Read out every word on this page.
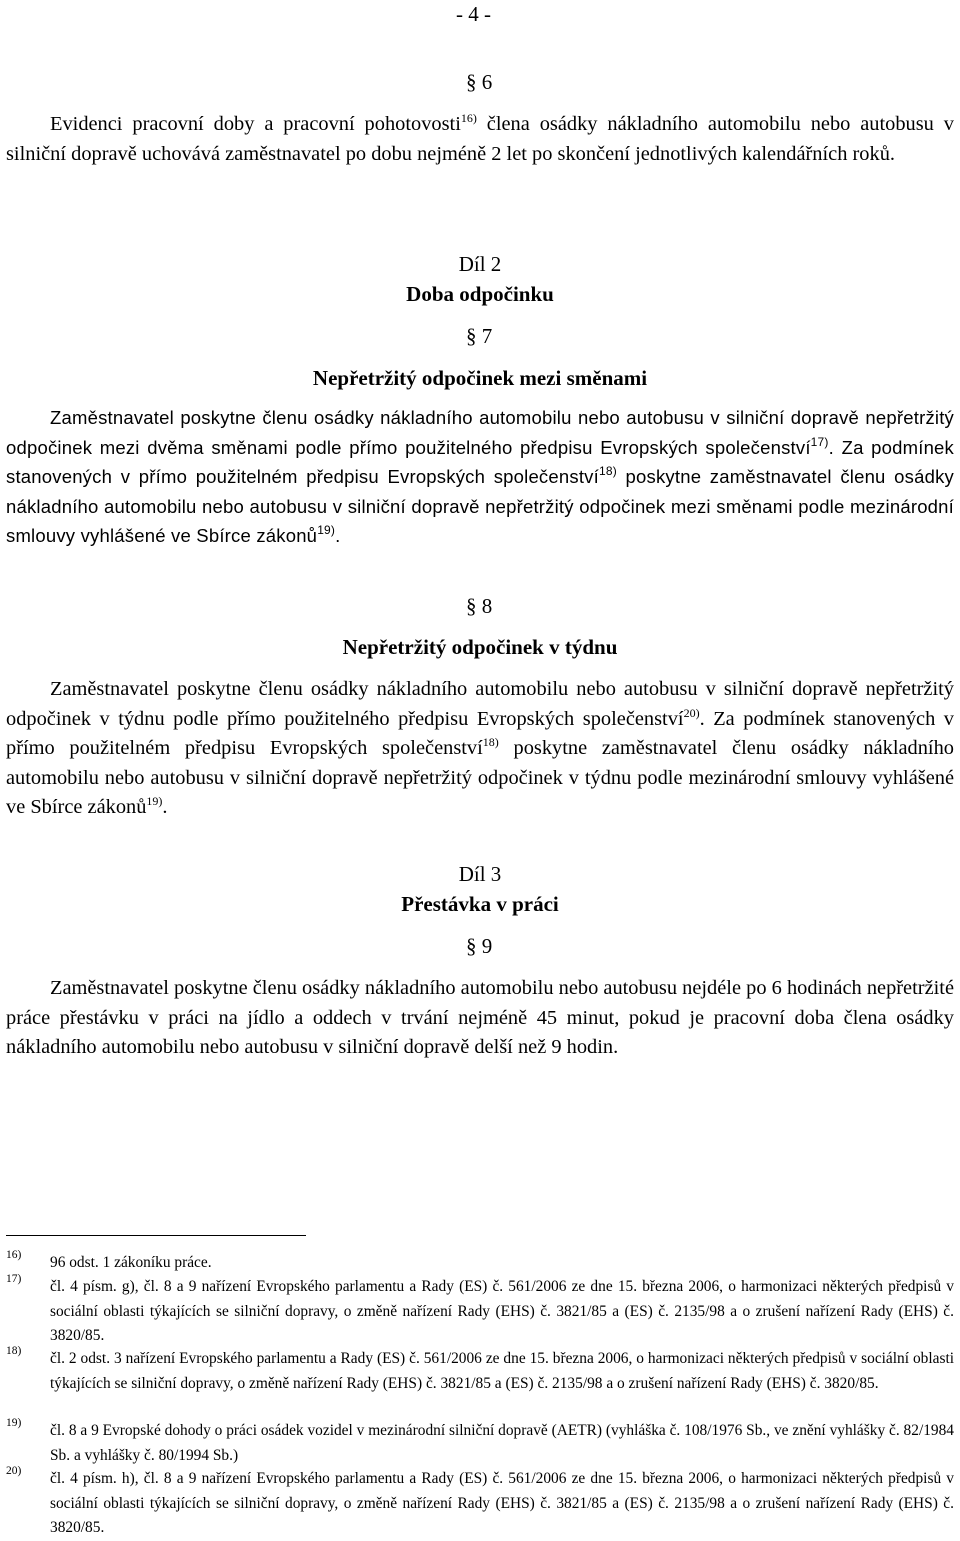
- 4 -
§ 6

Evidenci pracovní doby a pracovní pohotovosti$^{16)}$ člena osádky nákladního automobilu nebo autobusu v silniční dopravě uchovává zaměstnavatel po dobu nejméně 2 let po skončení jednotlivých kalendářních roků.

Díl 2
Doba odpočinku
§ 7
Nepřetržitý odpočinek mezi směnami

Zaměstnavatel poskytne členu osádky nákladního automobilu nebo autobusu v silniční dopravě nepřetržitý odpočinek mezi dvěma směnami podle přímo použitelného předpisu Evropských společenství$^{17)}$. Za podmínek stanovených v přímo použitelném předpisu Evropských společenství$^{18)}$ poskytne zaměstnavatel členu osádky nákladního automobilu nebo autobusu v silniční dopravě nepřetržitý odpočinek mezi směnami podle mezinárodní smlouvy vyhlášené ve Sbírce zákonů$^{19)}$.

§ 8
Nepřetržitý odpočinek v týdnu

Zaměstnavatel poskytne členu osádky nákladního automobilu nebo autobusu v silniční dopravě nepřetržitý odpočinek v týdnu podle přímo použitelného předpisu Evropských společenství$^{20)}$. Za podmínek stanovených v přímo použitelném předpisu Evropských společenství$^{18)}$ poskytne zaměstnavatel členu osádky nákladního automobilu nebo autobusu v silniční dopravě nepřetržitý odpočinek v týdnu podle mezinárodní smlouvy vyhlášené ve Sbírce zákonů$^{19)}$.

Díl 3
Přestávka v práci
§ 9

Zaměstnavatel poskytne členu osádky nákladního automobilu nebo autobusu nejdéle po 6 hodinách nepřetržité práce přestávku v práci na jídlo a oddech v trvání nejméně 45 minut, pokud je pracovní doba člena osádky nákladního automobilu nebo autobusu v silniční dopravě delší než 9 hodin.

16) 96 odst. 1 zákoníku práce.
17) čl. 4 písm. g), čl. 8 a 9 nařízení Evropského parlamentu a Rady (ES) č. 561/2006 ze dne 15. března 2006, o harmonizaci některých předpisů v sociální oblasti týkajících se silniční dopravy, o změně nařízení Rady (EHS) č. 3821/85 a (ES) č. 2135/98 a o zrušení nařízení Rady (EHS) č. 3820/85.
18) čl. 2 odst. 3 nařízení Evropského parlamentu a Rady (ES) č. 561/2006 ze dne 15. března 2006, o harmonizaci některých předpisů v sociální oblasti týkajících se silniční dopravy, o změně nařízení Rady (EHS) č. 3821/85 a (ES) č. 2135/98 a o zrušení nařízení Rady (EHS) č. 3820/85.
19) čl. 8 a 9 Evropské dohody o práci osádek vozidel v mezinárodní silniční dopravě (AETR) (vyhláška č. 108/1976 Sb., ve znění vyhlášky č. 82/1984 Sb. a vyhlášky č. 80/1994 Sb.)
20) čl. 4 písm. h), čl. 8 a 9 nařízení Evropského parlamentu a Rady (ES) č. 561/2006 ze dne 15. března 2006, o harmonizaci některých předpisů v sociální oblasti týkajících se silniční dopravy, o změně nařízení Rady (EHS) č. 3821/85 a (ES) č. 2135/98 a o zrušení nařízení Rady (EHS) č. 3820/85.
